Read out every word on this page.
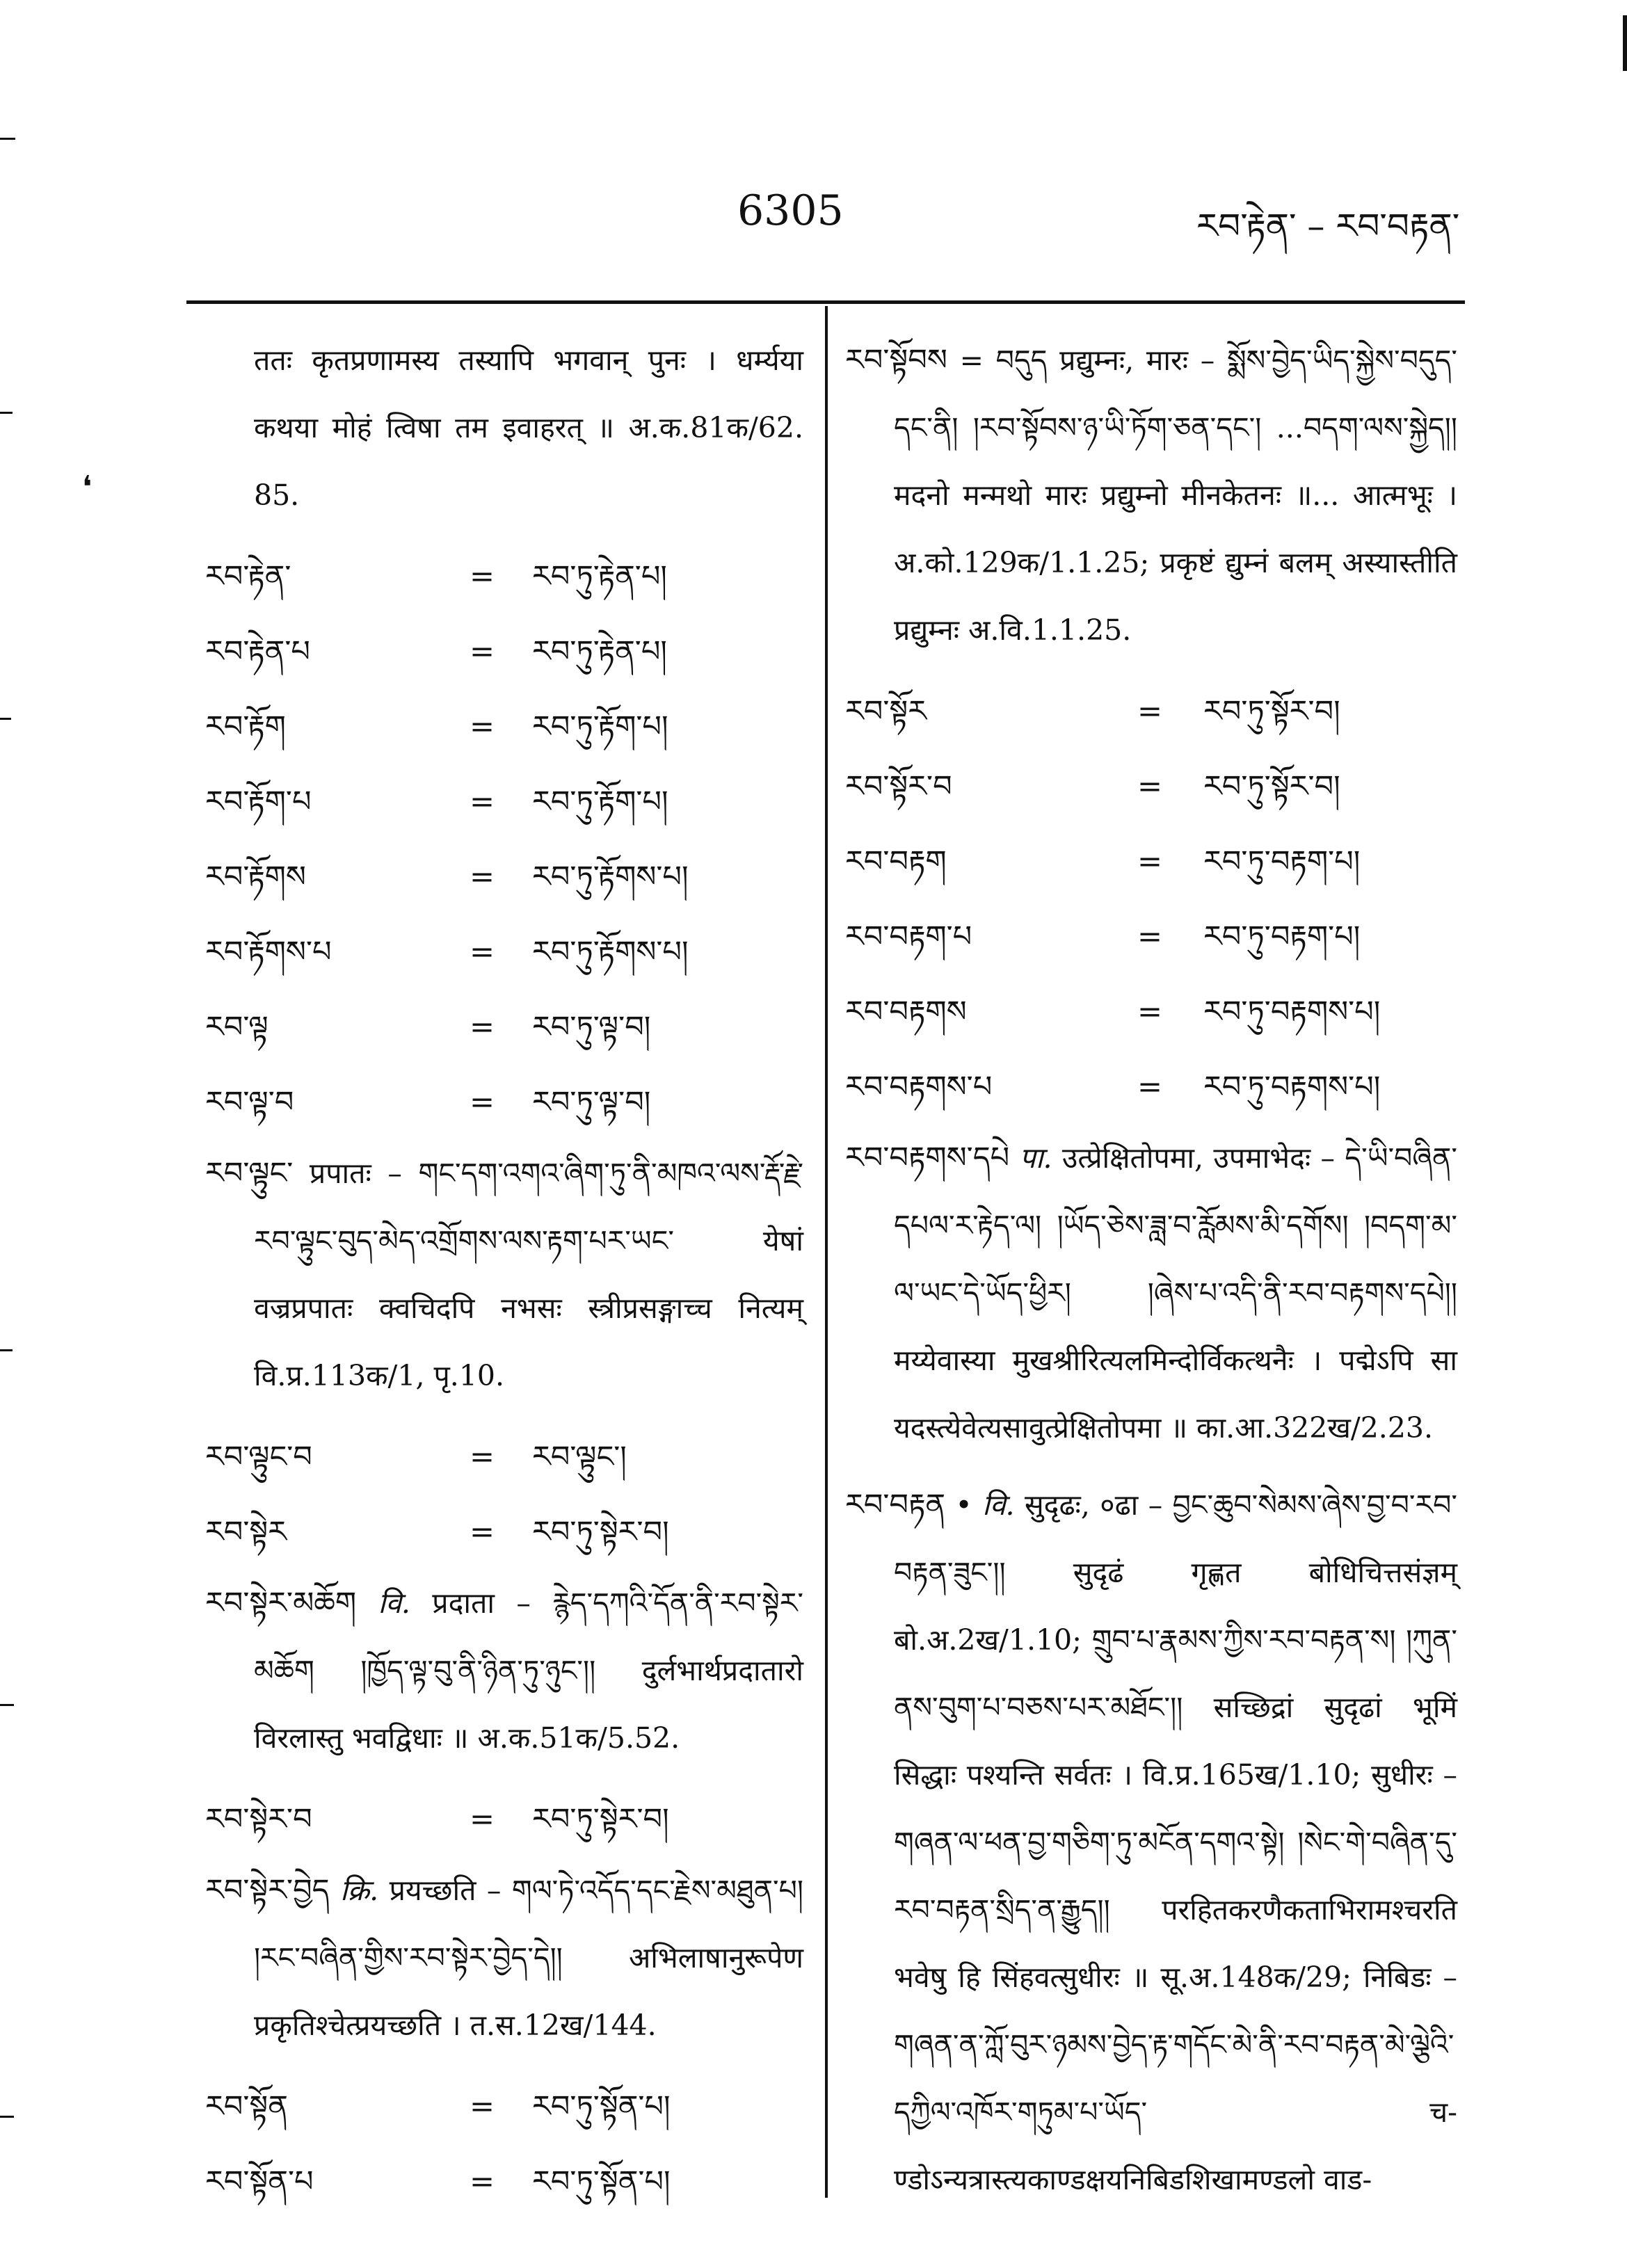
❛
6305	རབ་རྟེན་ – རབ་བརྟན་

ततः कृतप्रणामस्य तस्यापि भगवान् पुनः । धर्म्यया कथया मोहं त्विषा तम इवाहरत् ॥ अ.क.81क/62. 85.

རབ་རྟེན་	=	རབ་ཏུ་རྟེན་པ།
རབ་རྟེན་པ	=	རབ་ཏུ་རྟེན་པ།
རབ་རྟོག	=	རབ་ཏུ་རྟོག་པ།
རབ་རྟོག་པ	=	རབ་ཏུ་རྟོག་པ།
རབ་རྟོགས	=	རབ་ཏུ་རྟོགས་པ།
རབ་རྟོགས་པ	=	རབ་ཏུ་རྟོགས་པ།
རབ་ལྟ	=	རབ་ཏུ་ལྟ་བ།
རབ་ལྟ་བ	=	རབ་ཏུ་ལྟ་བ།

རབ་ལྟུང་ प्रपातः – གང་དག་འགའ་ཞིག་ཏུ་ནི་མཁའ་ལས་རྡོ་རྗེ་རབ་ལྟུང་བུད་མེད་འགྲོགས་ལས་རྟག་པར་ཡང་ येषां वज्रप्रपातः क्वचिदपि नभसः स्त्रीप्रसङ्गाच्च नित्यम् वि.प्र.113क/1, पृ.10.

རབ་ལྟུང་བ	=	རབ་ལྟུང་།
རབ་སྟེར	=	རབ་ཏུ་སྟེར་བ།

རབ་སྟེར་མཆོག वि. प्रदाता – རྙེད་དཀའི་དོན་ནི་རབ་སྟེར་མཆོག །ཁྱོད་ལྟ་བུ་ནི་ཉིན་ཏུ་ཉུང་།། दुर्लभार्थप्रदातारो विरलास्तु भवद्विधाः ॥ अ.क.51क/5.52.

རབ་སྟེར་བ	=	རབ་ཏུ་སྟེར་བ།

རབ་སྟེར་བྱེད क्रि. प्रयच्छति – གལ་ཏེ་འདོད་དང་རྗེས་མཐུན་པ། །རང་བཞིན་གྱིས་རབ་སྟེར་བྱེད་དེ།། अभिलाषानुरूपेण प्रकृतिश्चेत्प्रयच्छति । त.स.12ख/144.

རབ་སྟོན	=	རབ་ཏུ་སྟོན་པ།
རབ་སྟོན་པ	=	རབ་ཏུ་སྟོན་པ།

རབ་སྟོབས = བདུད प्रद्युम्नः, मारः – སྨོས་བྱེད་ཡིད་སྐྱེས་བདུད་དང་ནི། །རབ་སྟོབས་ཉ་ཡི་ཏོག་ཅན་དང་། ...བདག་ལས་སྐྱེད།། मदनो मन्मथो मारः प्रद्युम्नो मीनकेतनः ॥... आत्मभूः । अ.को.129क/1.1.25; प्रकृष्टं द्युम्नं बलम् अस्यास्तीति प्रद्युम्नः अ.वि.1.1.25.

རབ་སྟོར	=	རབ་ཏུ་སྟོར་བ།
རབ་སྟོར་བ	=	རབ་ཏུ་སྟོར་བ།
རབ་བརྟག	=	རབ་ཏུ་བརྟག་པ།
རབ་བརྟག་པ	=	རབ་ཏུ་བརྟག་པ།
རབ་བརྟགས	=	རབ་ཏུ་བརྟགས་པ།
རབ་བརྟགས་པ	=	རབ་ཏུ་བརྟགས་པ།

རབ་བརྟགས་དཔེ पा. उत्प्रेक्षितोपमा, उपमाभेदः – དེ་ཡི་བཞིན་དཔལ་ར་རྟེད་ལ། །ཡོད་ཅེས་ཟླ་བ་རློམས་མི་དགོས། །བདག་མ་ལ་ཡང་དེ་ཡོད་ཕྱིར། །ཞེས་པ་འདི་ནི་རབ་བརྟགས་དཔེ།། मय्येवास्या मुखश्रीरित्यलमिन्दोर्विकत्थनैः । पद्मेऽपि सा यदस्त्येवेत्यसावुत्प्रेक्षितोपमा ॥ का.आ.322ख/2.23.

རབ་བརྟན • वि. सुदृढः, ०ढा – བྱང་ཆུབ་སེམས་ཞེས་བྱ་བ་རབ་བརྟན་ཟུང་།། सुदृढं गृह्णत बोधिचित्तसंज्ञम् बो.अ.2ख/1.10; གྲུབ་པ་རྣམས་ཀྱིས་རབ་བརྟན་ས། །ཀུན་ནས་བུག་པ་བཅས་པར་མཐོང་།། सच्छिद्रां सुदृढां भूमिं सिद्धाः पश्यन्ति सर्वतः । वि.प्र.165ख/1.10; सुधीरः – གཞན་ལ་ཕན་བྱ་གཅིག་ཏུ་མངོན་དགའ་སྟེ། །སེང་གེ་བཞིན་དུ་རབ་བརྟན་སྲིད་ན་རྒྱུད།། परहितकरणैकताभिरामश्चरति भवेषु हि सिंहवत्सुधीरः ॥ सू.अ.148क/29; निबिडः – གཞན་ན་ཀློ་བུར་ཉམས་བྱེད་རྟ་གདོང་མེ་ནི་རབ་བརྟན་མེ་ལྕེའི་དཀྱིལ་འཁོར་གཏུམ་པ་ཡོད་ च- ण्डोऽन्यत्रास्त्यकाण्डक्षयनिबिडशिखामण्डलो वाड-
